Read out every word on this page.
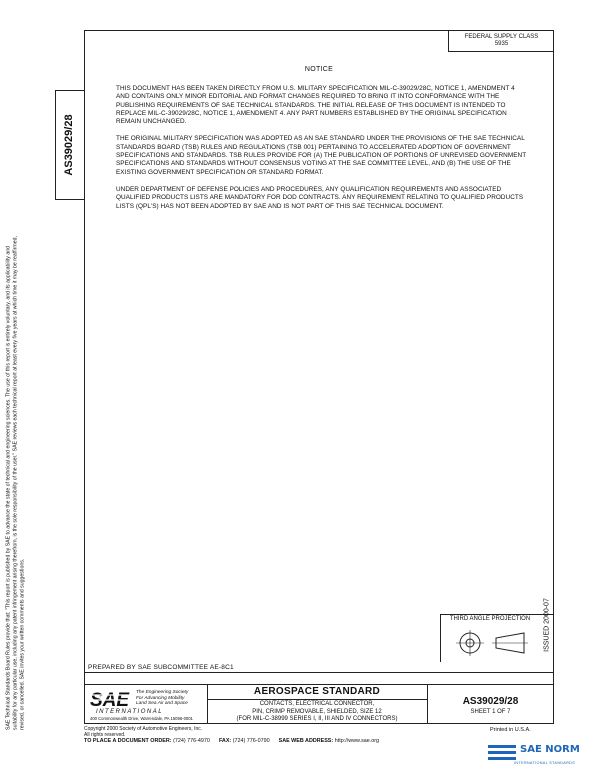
FEDERAL SUPPLY CLASS
5935
AS39029/28
SAE Technical Standards Board Rules provide that: "This report is published by SAE to advance the state of technical and engineering sciences. The use of this report is entirely voluntary, and its applicability and suitability for any particular use, including any patent infringement arising therefrom, is the sole responsibility of the user." SAE reviews each technical report at least every five years at which time it may be reaffirmed, revised, or cancelled. SAE invites your written comments and suggestions.
NOTICE

THIS DOCUMENT HAS BEEN TAKEN DIRECTLY FROM U.S. MILITARY SPECIFICATION MIL-C-39029/28C, NOTICE 1, AMENDMENT 4 AND CONTAINS ONLY MINOR EDITORIAL AND FORMAT CHANGES REQUIRED TO BRING IT INTO CONFORMANCE WITH THE PUBLISHING REQUIREMENTS OF SAE TECHNICAL STANDARDS. THE INITIAL RELEASE OF THIS DOCUMENT IS INTENDED TO REPLACE MIL-C-39029/28C, NOTICE 1, AMENDMENT 4. ANY PART NUMBERS ESTABLISHED BY THE ORIGINAL SPECIFICATION REMAIN UNCHANGED.

THE ORIGINAL MILITARY SPECIFICATION WAS ADOPTED AS AN SAE STANDARD UNDER THE PROVISIONS OF THE SAE TECHNICAL STANDARDS BOARD (TSB) RULES AND REGULATIONS (TSB 001) PERTAINING TO ACCELERATED ADOPTION OF GOVERNMENT SPECIFICATIONS AND STANDARDS. TSB RULES PROVIDE FOR (A) THE PUBLICATION OF PORTIONS OF UNREVISED GOVERNMENT SPECIFICATIONS AND STANDARDS WITHOUT CONSENSUS VOTING AT THE SAE COMMITTEE LEVEL, AND (B) THE USE OF THE EXISTING GOVERNMENT SPECIFICATION OR STANDARD FORMAT.

UNDER DEPARTMENT OF DEFENSE POLICIES AND PROCEDURES, ANY QUALIFICATION REQUIREMENTS AND ASSOCIATED QUALIFIED PRODUCTS LISTS ARE MANDATORY FOR DOD CONTRACTS. ANY REQUIREMENT RELATING TO QUALIFIED PRODUCTS LISTS (QPL'S) HAS NOT BEEN ADOPTED BY SAE AND IS NOT PART OF THIS SAE TECHNICAL DOCUMENT.

THIRD ANGLE PROJECTION	ISSUED 2000-07
PREPARED BY SAE SUBCOMMITTEE AE-8C1
SAE The Engineering Society
For Advancing Mobility
Land Sea Air and Space
INTERNATIONAL
400 Commonwealth Drive, Warrendale, PA 15096-0001
AEROSPACE STANDARD
CONTACTS, ELECTRICAL CONNECTOR,
PIN, CRIMP REMOVABLE, SHIELDED, SIZE 12
(FOR MIL-C-38999 SERIES I, II, III AND IV CONNECTORS)
AS39029/28
SHEET 1 OF 7
Copyright 2000 Society of Automotive Engineers, Inc.
All rights reserved.
Printed in U.S.A.
TO PLACE A DOCUMENT ORDER: (724) 776-4970 FAX: (724) 776-0790 SAE WEB ADDRESS: http://www.sae.org
SAE NORM
INTERNATIONAL STANDARDS
